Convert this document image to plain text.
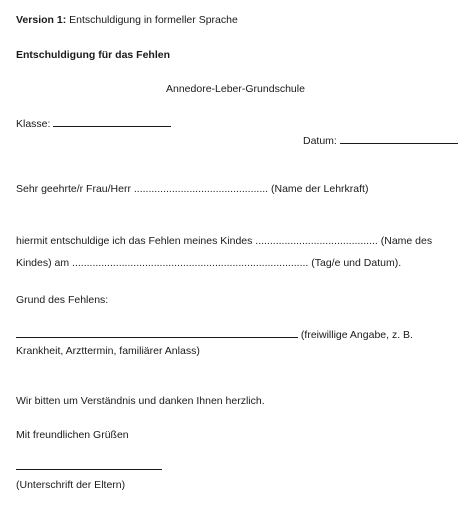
Version 1: Entschuldigung in formeller Sprache
Entschuldigung für das Fehlen
Annedore-Leber-Grundschule
Klasse:
Datum:
Sehr geehrte/r Frau/Herr .............................................. (Name der Lehrkraft)
hiermit entschuldige ich das Fehlen meines Kindes .......................................... (Name des
Kindes) am ................................................................................. (Tag/e und Datum).
Grund des Fehlens:
(freiwillige Angabe, z. B.
Krankheit, Arzttermin, familiärer Anlass)
Wir bitten um Verständnis und danken Ihnen herzlich.
Mit freundlichen Grüßen
(Unterschrift der Eltern)
